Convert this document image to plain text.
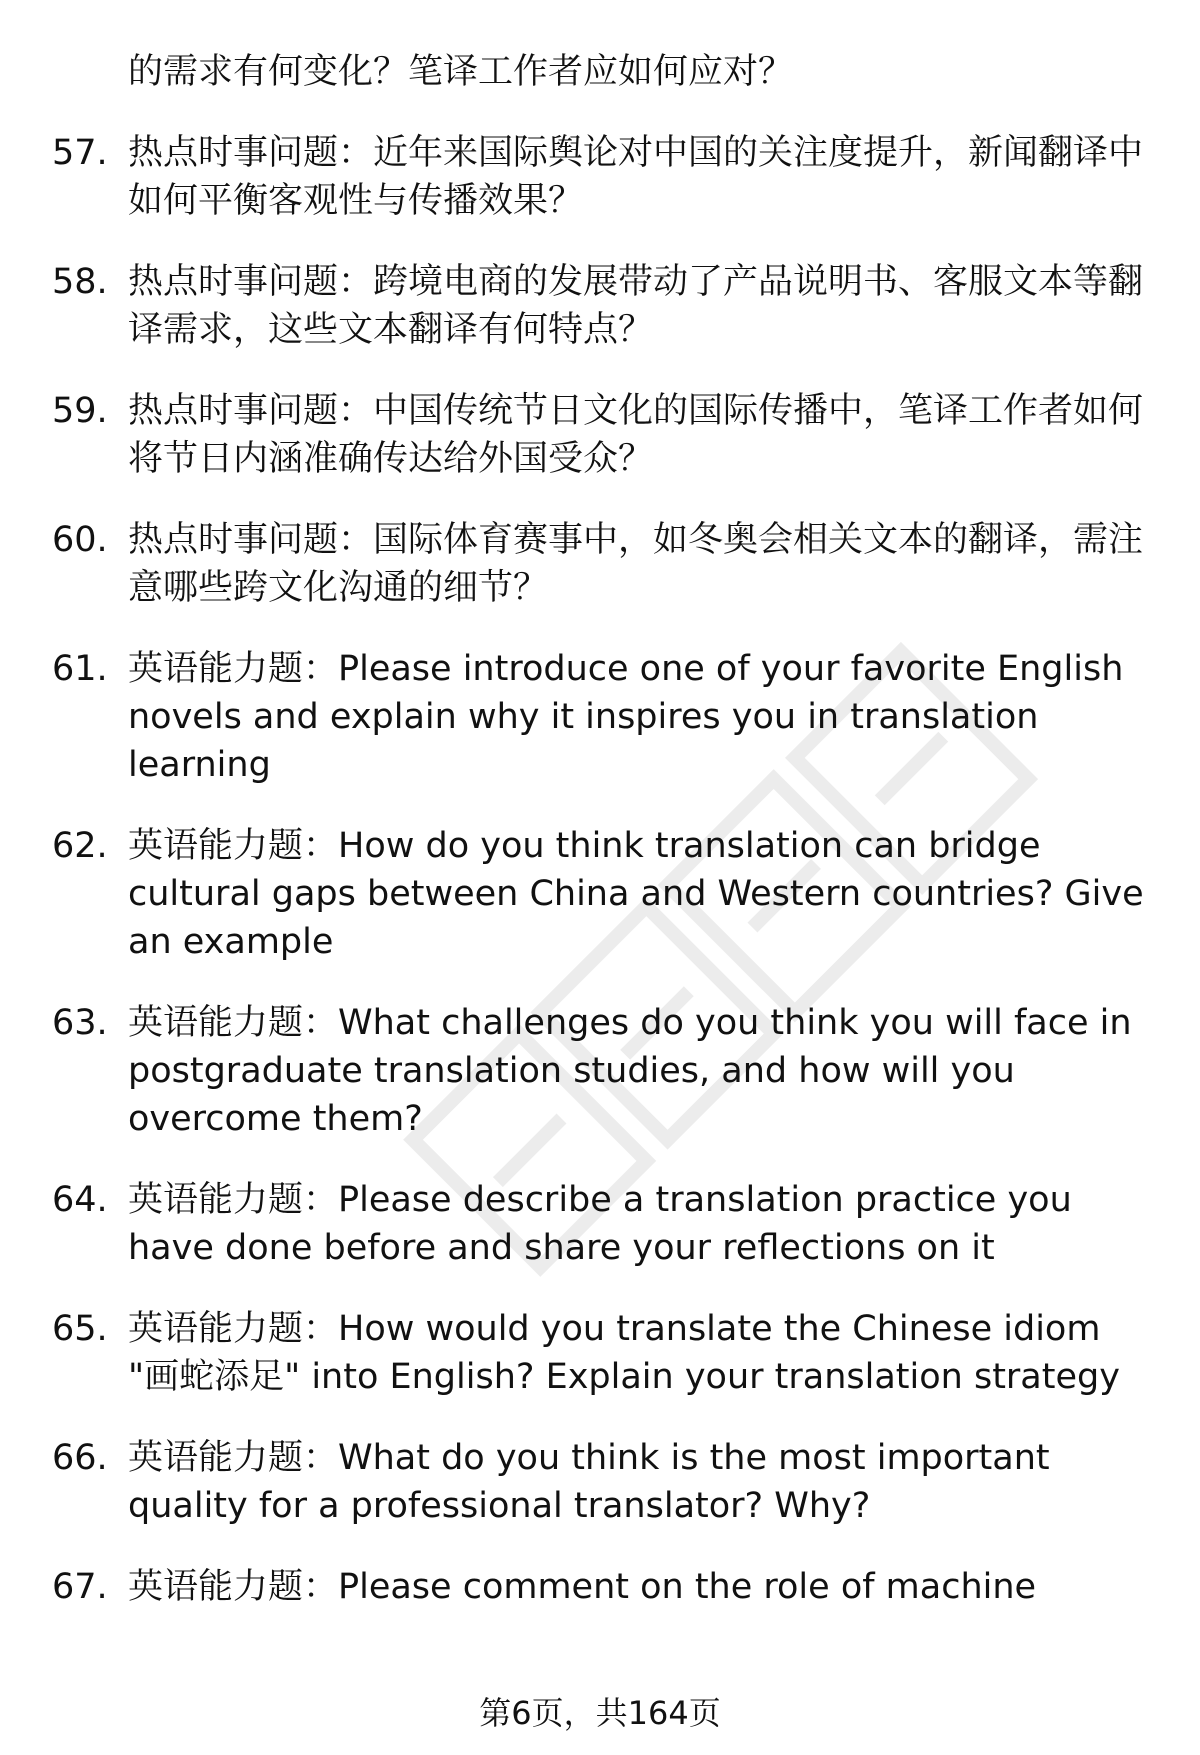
的需求有何变化？笔译工作者应如何应对？
57. 热点时事问题：近年来国际舆论对中国的关注度提升，新闻翻译中如何平衡客观性与传播效果？
58. 热点时事问题：跨境电商的发展带动了产品说明书、客服文本等翻译需求，这些文本翻译有何特点？
59. 热点时事问题：中国传统节日文化的国际传播中，笔译工作者如何将节日内涵准确传达给外国受众？
60. 热点时事问题：国际体育赛事中，如冬奥会相关文本的翻译，需注意哪些跨文化沟通的细节？
61. 英语能力题：Please introduce one of your favorite English novels and explain why it inspires you in translation learning
62. 英语能力题：How do you think translation can bridge cultural gaps between China and Western countries? Give an example
63. 英语能力题：What challenges do you think you will face in postgraduate translation studies, and how will you overcome them?
64. 英语能力题：Please describe a translation practice you have done before and share your reflections on it
65. 英语能力题：How would you translate the Chinese idiom "画蛇添足" into English? Explain your translation strategy
66. 英语能力题：What do you think is the most important quality for a professional translator? Why?
67. 英语能力题：Please comment on the role of machine
第6页，共164页
